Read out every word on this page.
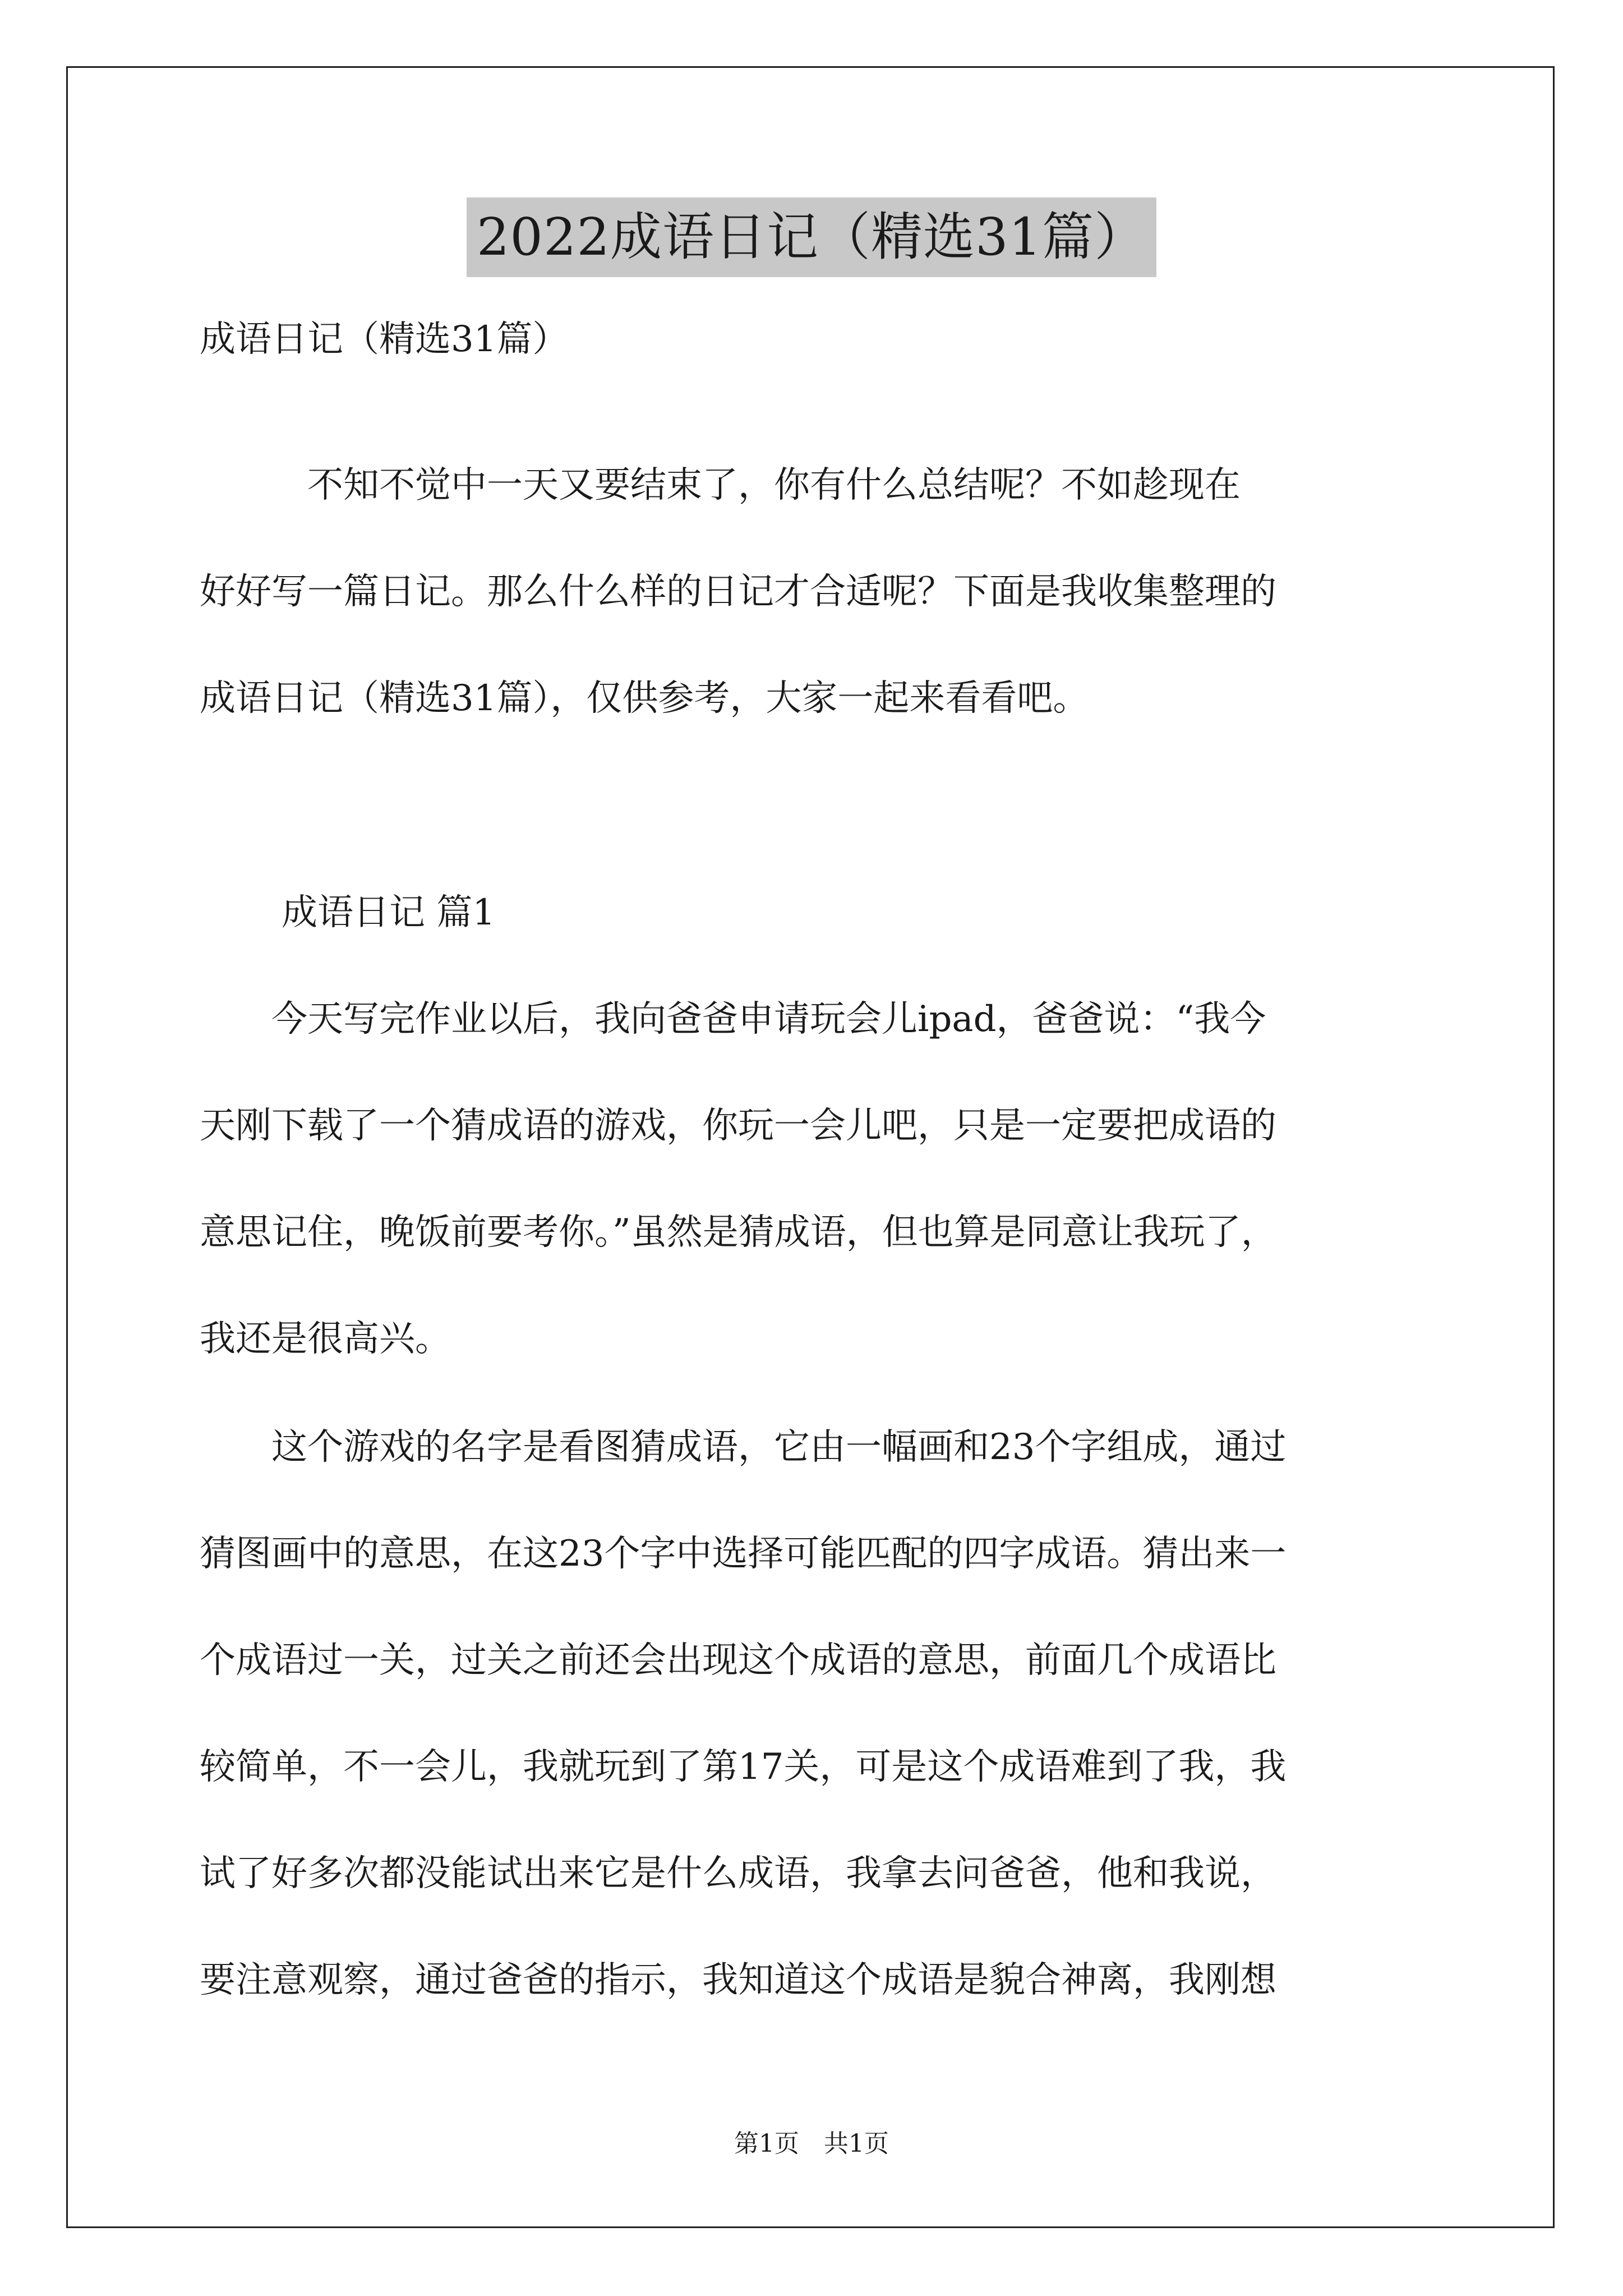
2022成语日记（精选31篇）
成语日记（精选31篇）
　　　不知不觉中一天又要结束了，你有什么总结呢？不如趁现在
好好写一篇日记。那么什么样的日记才合适呢？下面是我收集整理的
成语日记（精选31篇），仅供参考，大家一起来看看吧。
成语日记 篇1
　　今天写完作业以后，我向爸爸申请玩会儿ipad，爸爸说：“我今
天刚下载了一个猜成语的游戏，你玩一会儿吧，只是一定要把成语的
意思记住，晚饭前要考你。”虽然是猜成语，但也算是同意让我玩了，
我还是很高兴。
　　这个游戏的名字是看图猜成语，它由一幅画和23个字组成，通过
猜图画中的意思，在这23个字中选择可能匹配的四字成语。猜出来一
个成语过一关，过关之前还会出现这个成语的意思，前面几个成语比
较简单，不一会儿，我就玩到了第17关，可是这个成语难到了我，我
试了好多次都没能试出来它是什么成语，我拿去问爸爸，他和我说，
要注意观察，通过爸爸的指示，我知道这个成语是貌合神离，我刚想
第1页　共1页
